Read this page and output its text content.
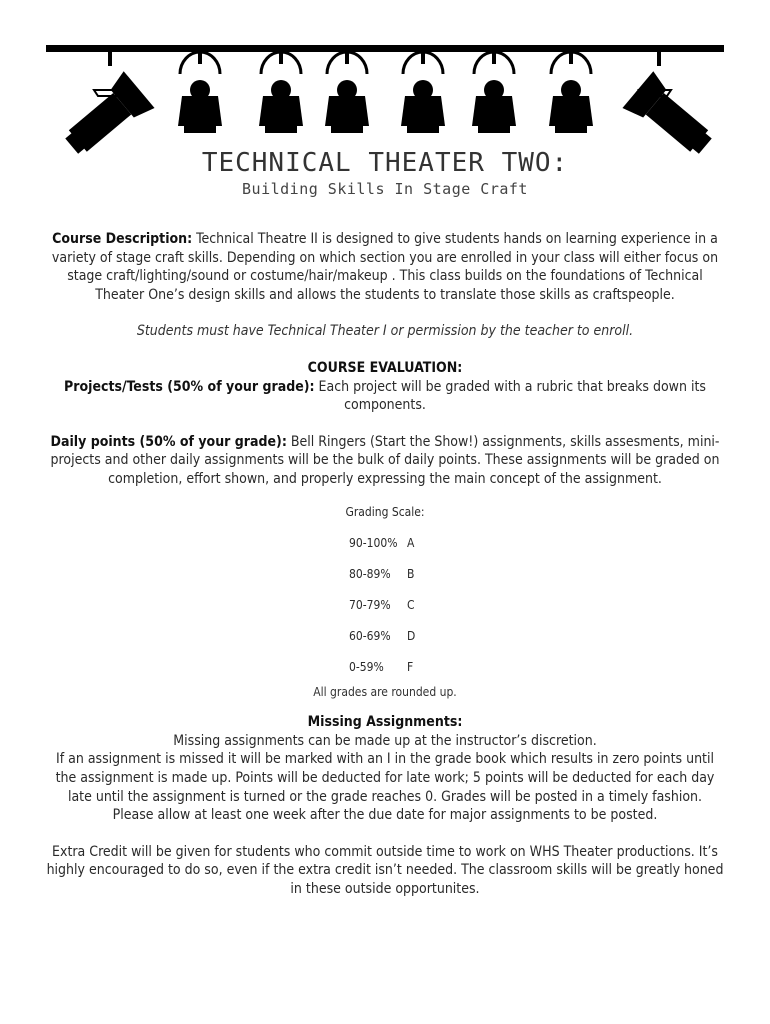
TECHNICAL THEATER TWO:
Building Skills In Stage Craft

Course Description: Technical Theatre II is designed to give students hands on learning experience in a variety of stage craft skills. Depending on which section you are enrolled in your class will either focus on stage craft/lighting/sound or costume/hair/makeup . This class builds on the foundations of Technical Theater One’s design skills and allows the students to translate those skills as craftspeople.

Students must have Technical Theater I or permission by the teacher to enroll.

COURSE EVALUATION:

Projects/Tests (50% of your grade): Each project will be graded with a rubric that breaks down its components.

Daily points (50% of your grade): Bell Ringers (Start the Show!) assignments, skills assesments, mini-projects and other daily assignments will be the bulk of daily points. These assignments will be graded on completion, effort shown, and properly expressing the main concept of the assignment.

Grading Scale:
90-100% A
80-89% B
70-79% C
60-69% D
0-59% F

All grades are rounded up.

Missing Assignments:

Missing assignments can be made up at the instructor’s discretion.

If an assignment is missed it will be marked with an I in the grade book which results in zero points until the assignment is made up. Points will be deducted for late work; 5 points will be deducted for each day late until the assignment is turned or the grade reaches 0. Grades will be posted in a timely fashion. Please allow at least one week after the due date for major assignments to be posted.

Extra Credit will be given for students who commit outside time to work on WHS Theater productions. It’s highly encouraged to do so, even if the extra credit isn’t needed. The classroom skills will be greatly honed in these outside opportunites.
